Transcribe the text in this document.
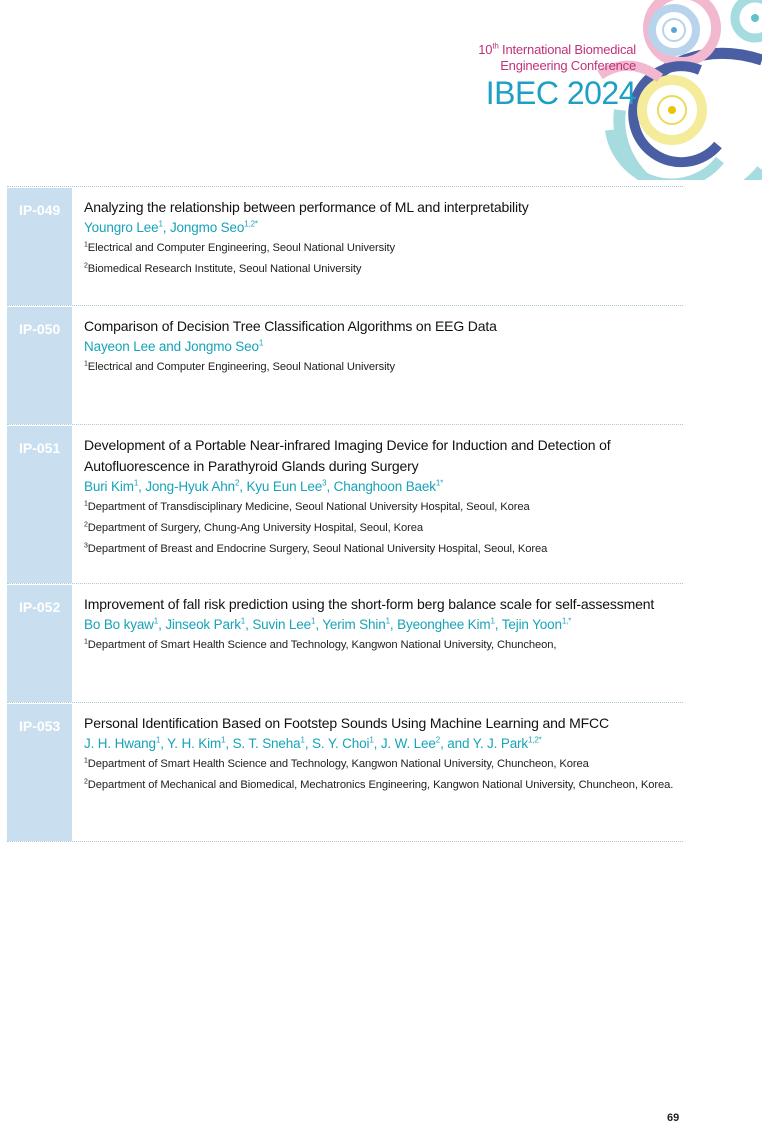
10th International Biomedical
Engineering Conference
IBEC 2024
IP-049 Analyzing the relationship between performance of ML and interpretability
Youngro Lee$^1$, Jongmo Seo$^{1,2*}$
$^1$Electrical and Computer Engineering, Seoul National University
$^2$Biomedical Research Institute, Seoul National University
IP-050 Comparison of Decision Tree Classification Algorithms on EEG Data
Nayeon Lee and Jongmo Seo$^1$
$^1$Electrical and Computer Engineering, Seoul National University
IP-051 Development of a Portable Near-infrared Imaging Device for Induction and Detection of Autofluorescence in Parathyroid Glands during Surgery
Buri Kim$^1$, Jong-Hyuk Ahn$^2$, Kyu Eun Lee$^3$, Changhoon Baek$^{1*}$
$^1$Department of Transdisciplinary Medicine, Seoul National University Hospital, Seoul, Korea
$^2$Department of Surgery, Chung-Ang University Hospital, Seoul, Korea
$^3$Department of Breast and Endocrine Surgery, Seoul National University Hospital, Seoul, Korea
IP-052 Improvement of fall risk prediction using the short-form berg balance scale for self-assessment
Bo Bo kyaw$^1$, Jinseok Park$^1$, Suvin Lee$^1$, Yerim Shin$^1$, Byeonghee Kim$^1$, Tejin Yoon$^{1,*}$
$^1$Department of Smart Health Science and Technology, Kangwon National University, Chuncheon,
IP-053 Personal Identification Based on Footstep Sounds Using Machine Learning and MFCC
J. H. Hwang$^1$, Y. H. Kim$^1$, S. T. Sneha$^1$, S. Y. Choi$^1$, J. W. Lee$^2$, and Y. J. Park$^{1,2*}$
$^1$Department of Smart Health Science and Technology, Kangwon National University, Chuncheon, Korea
$^2$Department of Mechanical and Biomedical, Mechatronics Engineering, Kangwon National University, Chuncheon, Korea.
69
